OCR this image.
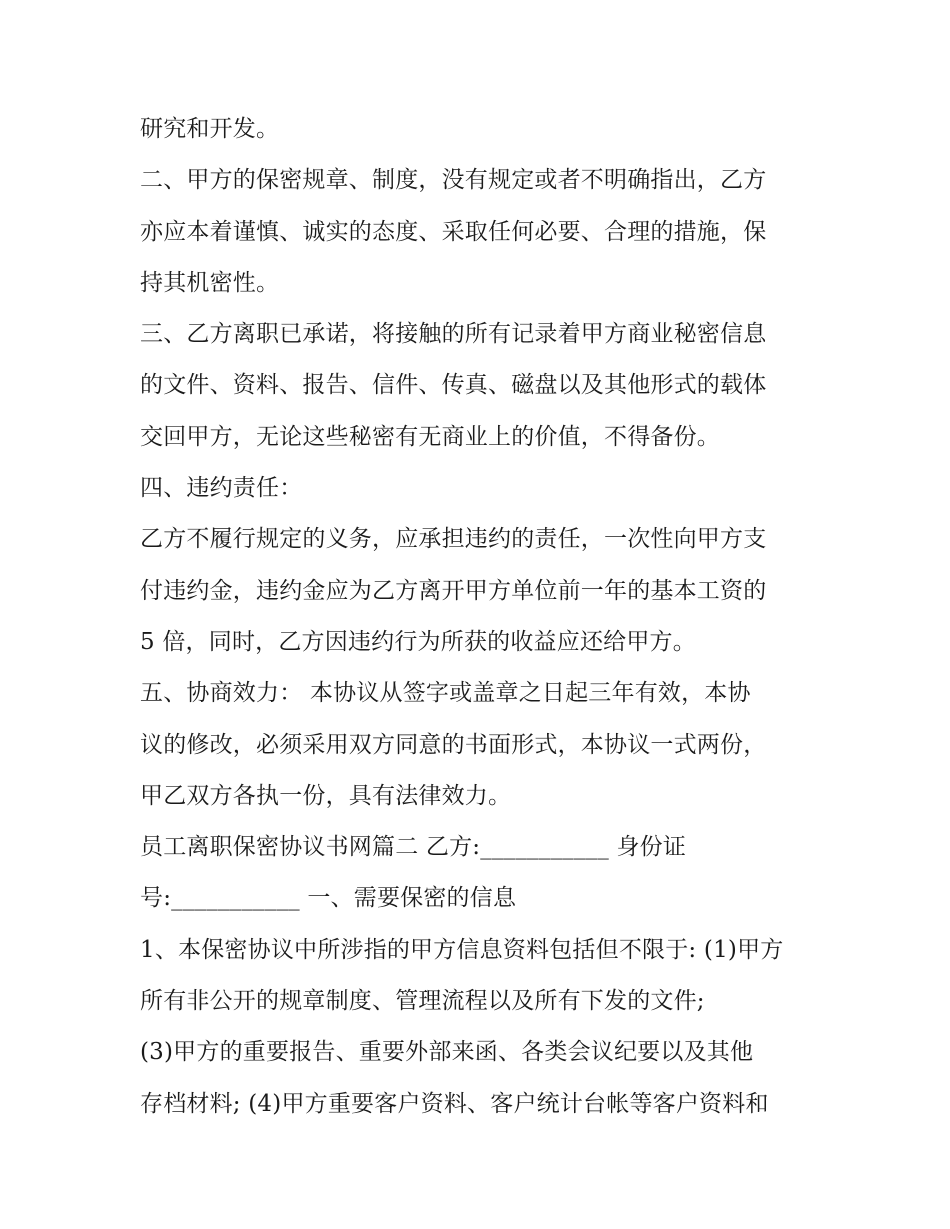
研究和开发。
二、甲方的保密规章、制度，没有规定或者不明确指出，乙方
亦应本着谨慎、诚实的态度、采取任何必要、合理的措施，保
持其机密性。
三、乙方离职已承诺，将接触的所有记录着甲方商业秘密信息
的文件、资料、报告、信件、传真、磁盘以及其他形式的载体
交回甲方，无论这些秘密有无商业上的价值，不得备份。
四、违约责任：
乙方不履行规定的义务，应承担违约的责任，一次性向甲方支
付违约金，违约金应为乙方离开甲方单位前一年的基本工资的
5 倍，同时，乙方因违约行为所获的收益应还给甲方。
五、协商效力： 本协议从签字或盖章之日起三年有效，本协
议的修改，必须采用双方同意的书面形式，本协议一式两份，
甲乙双方各执一份，具有法律效力。
员工离职保密协议书网篇二 乙方:___________ 身份证
号:___________ 一、需要保密的信息
1、本保密协议中所涉指的甲方信息资料包括但不限于: (1)甲方
所有非公开的规章制度、管理流程以及所有下发的文件;
(3)甲方的重要报告、重要外部来函、各类会议纪要以及其他
存档材料; (4)甲方重要客户资料、客户统计台帐等客户资料和
